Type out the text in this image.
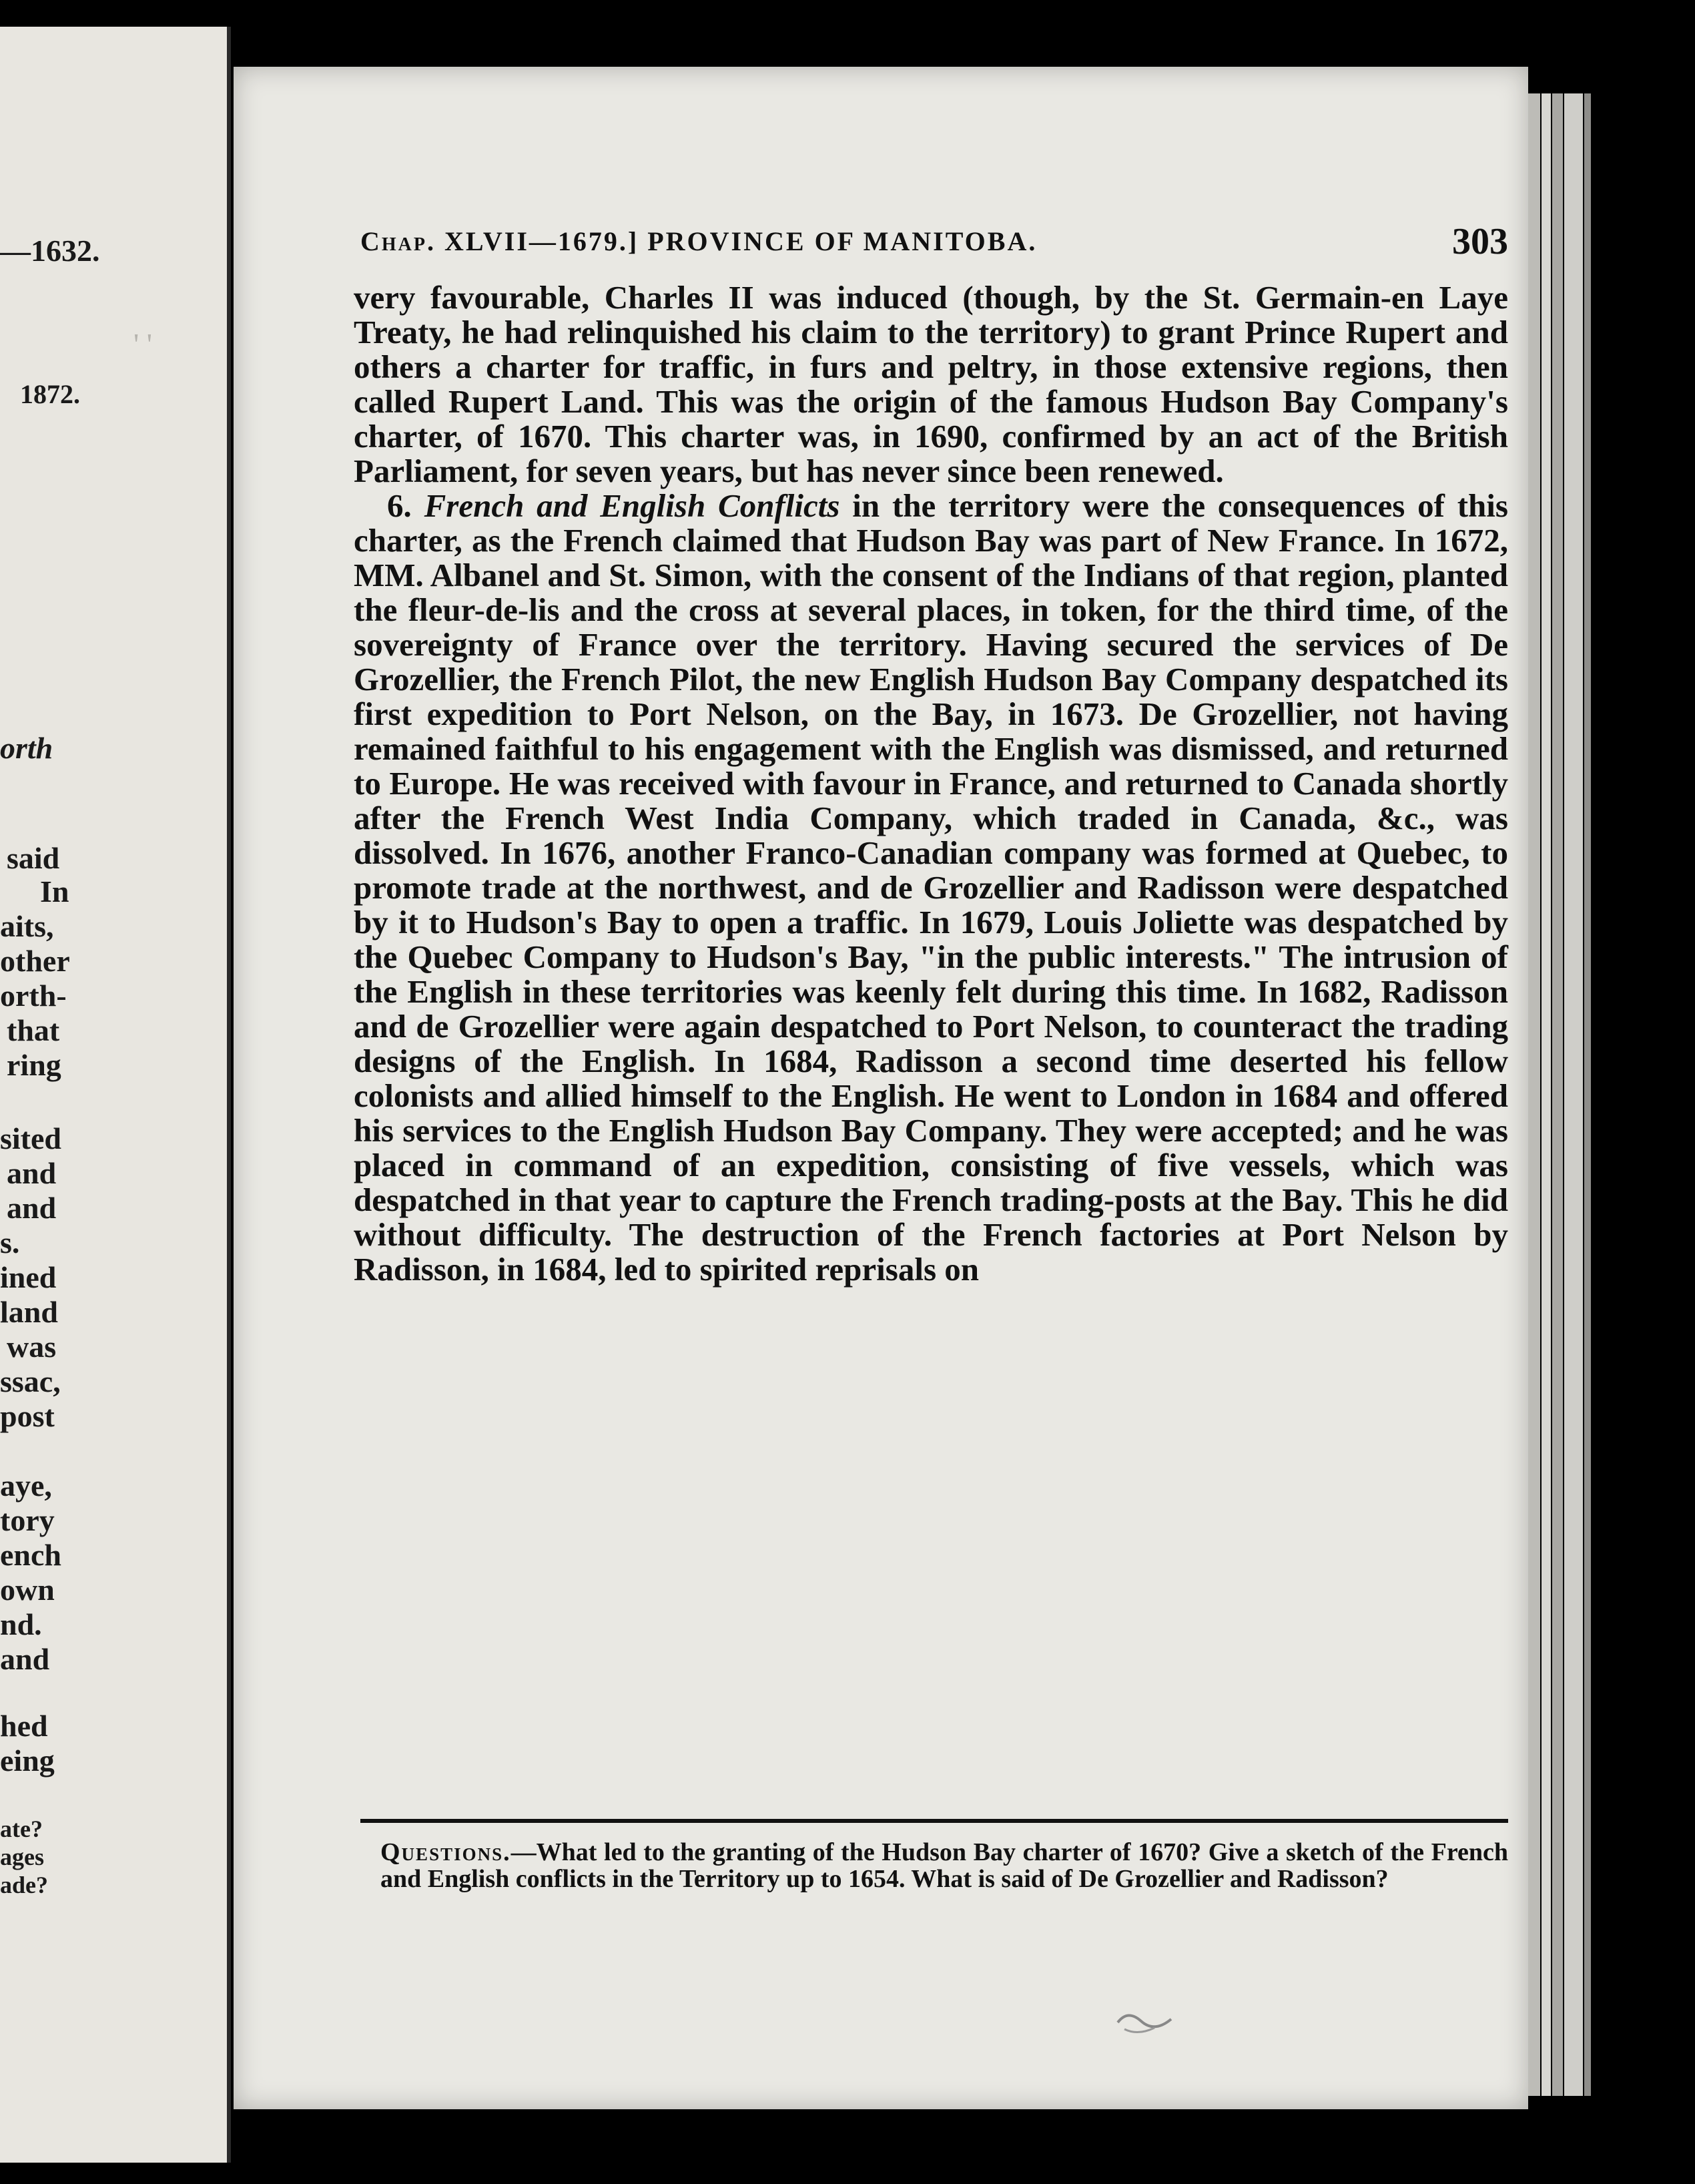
—1632.
1872.
' '
orth
said
In
aits,
other
orth-
that
ring
sited
and
and
s.
ined
land
was
ssac,
post
aye,
tory
ench
own
nd.
and
hed
eing
ate?
ages
ade?
Chap. XLVII—1679.] PROVINCE OF MANITOBA.	303

very favourable, Charles II was induced (though, by the St. Germain-en Laye Treaty, he had relinquished his claim to the territory) to grant Prince Rupert and others a charter for traffic, in furs and peltry, in those extensive regions, then called Rupert Land. This was the origin of the famous Hudson Bay Company's charter, of 1670. This charter was, in 1690, confirmed by an act of the British Parliament, for seven years, but has never since been renewed.

6. French and English Conflicts in the territory were the consequences of this charter, as the French claimed that Hudson Bay was part of New France. In 1672, MM. Albanel and St. Simon, with the consent of the Indians of that region, planted the fleur-de-lis and the cross at several places, in token, for the third time, of the sovereignty of France over the territory. Having secured the services of De Grozellier, the French Pilot, the new English Hudson Bay Company despatched its first expedition to Port Nelson, on the Bay, in 1673. De Grozellier, not having remained faithful to his engagement with the English was dismissed, and returned to Europe. He was received with favour in France, and returned to Canada shortly after the French West India Company, which traded in Canada, &c., was dissolved. In 1676, another Franco-Canadian company was formed at Quebec, to promote trade at the northwest, and de Grozellier and Radisson were despatched by it to Hudson's Bay to open a traffic. In 1679, Louis Joliette was despatched by the Quebec Company to Hudson's Bay, "in the public interests." The intrusion of the English in these territories was keenly felt during this time. In 1682, Radisson and de Grozellier were again despatched to Port Nelson, to counteract the trading designs of the English. In 1684, Radisson a second time deserted his fellow colonists and allied himself to the English. He went to London in 1684 and offered his services to the English Hudson Bay Company. They were accepted; and he was placed in command of an expedition, consisting of five vessels, which was despatched in that year to capture the French trading-posts at the Bay. This he did without difficulty. The destruction of the French factories at Port Nelson by Radisson, in 1684, led to spirited reprisals on

Questions.—What led to the granting of the Hudson Bay charter of 1670? Give a sketch of the French and English conflicts in the Territory up to 1654. What is said of De Grozellier and Radisson?
